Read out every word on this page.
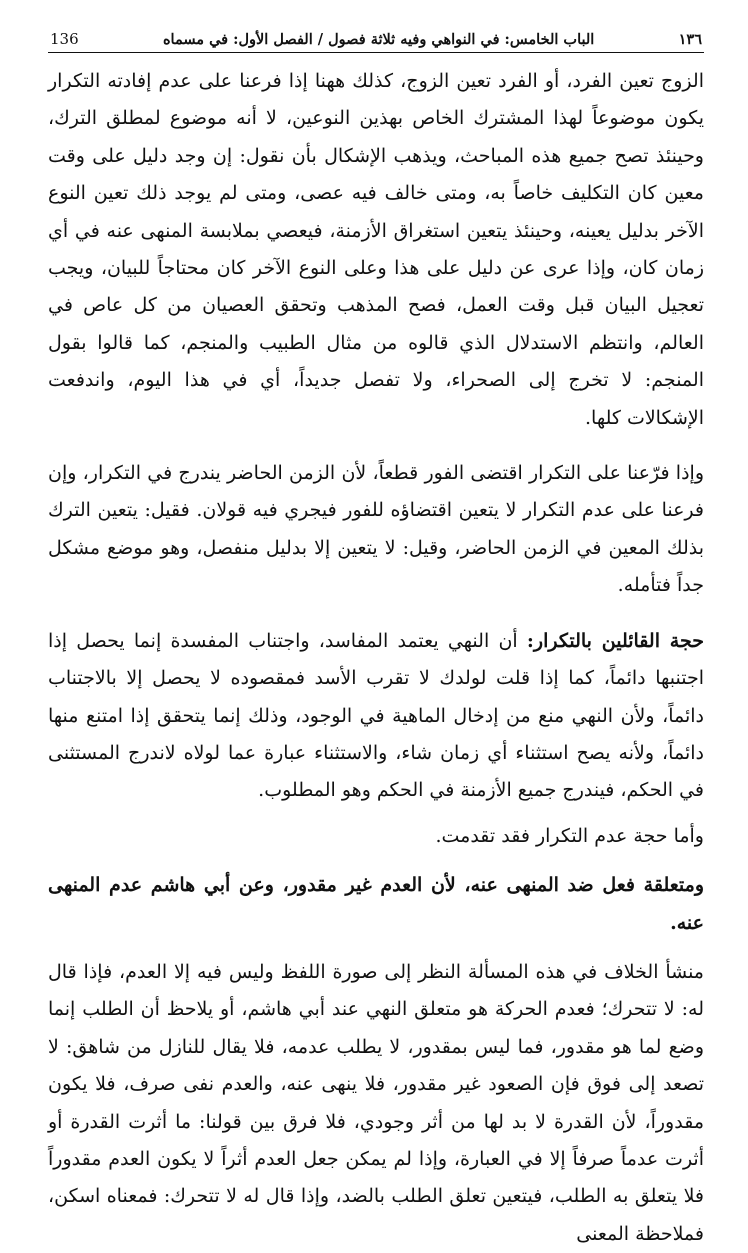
١٣٦
الباب الخامس: في النواهي وفيه ثلاثة فصول / الفصل الأول: في مسماه
136

الزوج تعين الفرد، أو الفرد تعين الزوج، كذلك ههنا إذا فرعنا على عدم إفادته التكرار يكون موضوعاً لهذا المشترك الخاص بهذين النوعين، لا أنه موضوع لمطلق الترك، وحينئذ تصح جميع هذه المباحث، ويذهب الإشكال بأن نقول: إن وجد دليل على وقت معين كان التكليف خاصاً به، ومتى خالف فيه عصى، ومتى لم يوجد ذلك تعين النوع الآخر بدليل يعينه، وحينئذ يتعين استغراق الأزمنة، فيعصي بملابسة المنهى عنه في أي زمان كان، وإذا عرى عن دليل على هذا وعلى النوع الآخر كان محتاجاً للبيان، ويجب تعجيل البيان قبل وقت العمل، فصح المذهب وتحقق العصيان من كل عاص في العالم، وانتظم الاستدلال الذي قالوه من مثال الطبيب والمنجم، كما قالوا بقول المنجم: لا تخرج إلى الصحراء، ولا تفصل جديداً، أي في هذا اليوم، واندفعت الإشكالات كلها.

وإذا فرّعنا على التكرار اقتضى الفور قطعاً، لأن الزمن الحاضر يندرج في التكرار، وإن فرعنا على عدم التكرار لا يتعين اقتضاؤه للفور فيجري فيه قولان. فقيل: يتعين الترك بذلك المعين في الزمن الحاضر، وقيل: لا يتعين إلا بدليل منفصل، وهو موضع مشكل جداً فتأمله.

حجة القائلين بالتكرار: أن النهي يعتمد المفاسد، واجتناب المفسدة إنما يحصل إذا اجتنبها دائماً، كما إذا قلت لولدك لا تقرب الأسد فمقصوده لا يحصل إلا بالاجتناب دائماً، ولأن النهي منع من إدخال الماهية في الوجود، وذلك إنما يتحقق إذا امتنع منها دائماً، ولأنه يصح استثناء أي زمان شاء، والاستثناء عبارة عما لولاه لاندرج المستثنى في الحكم، فيندرج جميع الأزمنة في الحكم وهو المطلوب.

وأما حجة عدم التكرار فقد تقدمت.

ومتعلقة فعل ضد المنهى عنه، لأن العدم غير مقدور، وعن أبي هاشم عدم المنهى عنه.

منشأ الخلاف في هذه المسألة النظر إلى صورة اللفظ وليس فيه إلا العدم، فإذا قال له: لا تتحرك؛ فعدم الحركة هو متعلق النهي عند أبي هاشم، أو يلاحظ أن الطلب إنما وضع لما هو مقدور، فما ليس بمقدور، لا يطلب عدمه، فلا يقال للنازل من شاهق: لا تصعد إلى فوق فإن الصعود غير مقدور، فلا ينهى عنه، والعدم نفى صرف، فلا يكون مقدوراً، لأن القدرة لا بد لها من أثر وجودي، فلا فرق بين قولنا: ما أثرت القدرة أو أثرت عدماً صرفاً إلا في العبارة، وإذا لم يمكن جعل العدم أثراً لا يكون العدم مقدوراً فلا يتعلق به الطلب، فيتعين تعلق الطلب بالضد، وإذا قال له لا تتحرك: فمعناه اسكن، فملاحظة المعنى
